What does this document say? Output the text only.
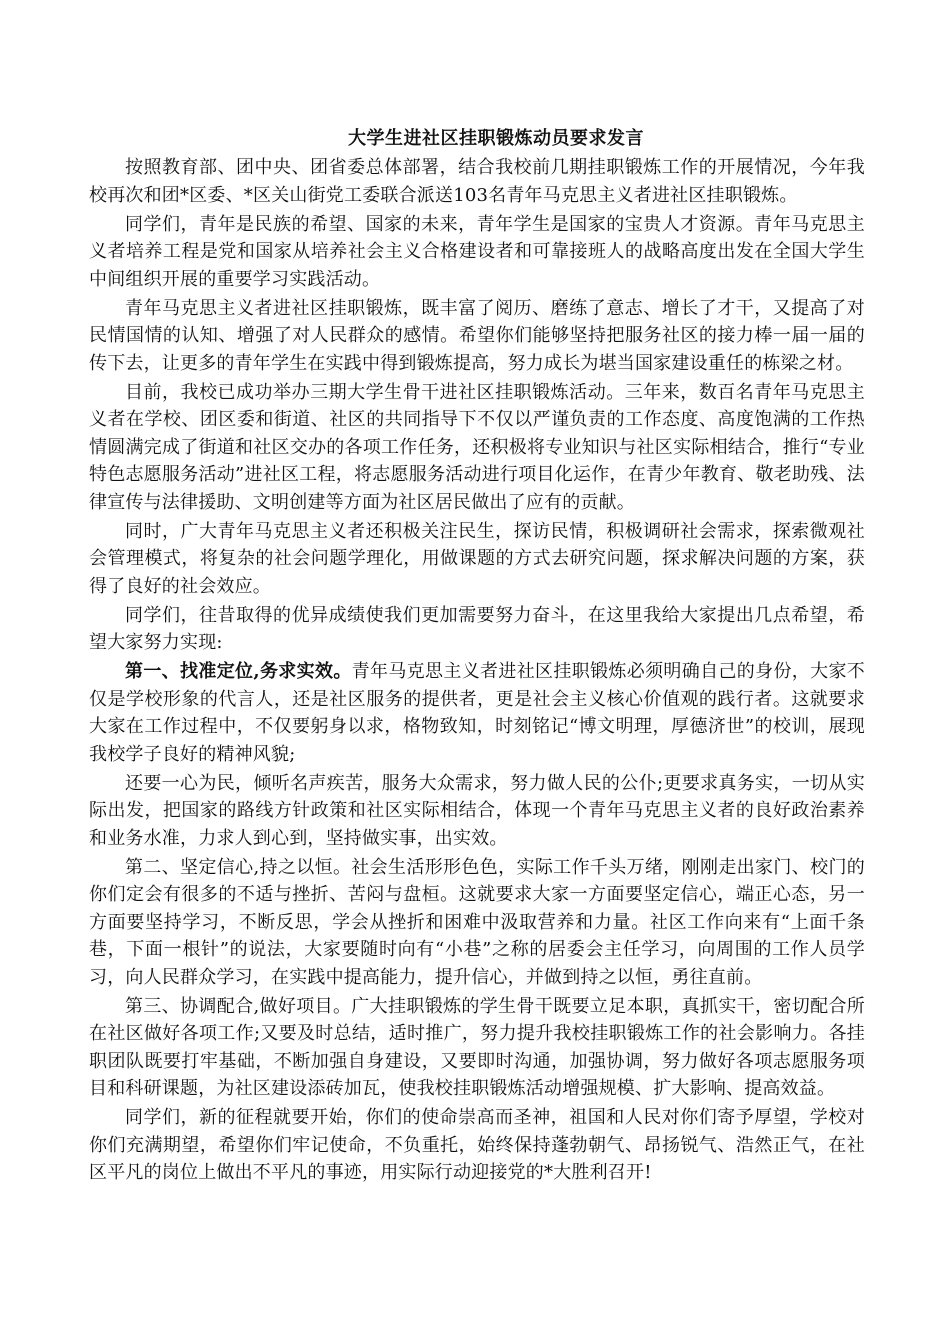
大学生进社区挂职锻炼动员要求发言

按照教育部、团中央、团省委总体部署，结合我校前几期挂职锻炼工作的开展情况，今年我校再次和团*区委、*区关山街党工委联合派送103名青年马克思主义者进社区挂职锻炼。

同学们，青年是民族的希望、国家的未来，青年学生是国家的宝贵人才资源。青年马克思主义者培养工程是党和国家从培养社会主义合格建设者和可靠接班人的战略高度出发在全国大学生中间组织开展的重要学习实践活动。

青年马克思主义者进社区挂职锻炼，既丰富了阅历、磨练了意志、增长了才干，又提高了对民情国情的认知、增强了对人民群众的感情。希望你们能够坚持把服务社区的接力棒一届一届的传下去，让更多的青年学生在实践中得到锻炼提高，努力成长为堪当国家建设重任的栋梁之材。

目前，我校已成功举办三期大学生骨干进社区挂职锻炼活动。三年来，数百名青年马克思主义者在学校、团区委和街道、社区的共同指导下不仅以严谨负责的工作态度、高度饱满的工作热情圆满完成了街道和社区交办的各项工作任务，还积极将专业知识与社区实际相结合，推行“专业特色志愿服务活动”进社区工程，将志愿服务活动进行项目化运作，在青少年教育、敬老助残、法律宣传与法律援助、文明创建等方面为社区居民做出了应有的贡献。

同时，广大青年马克思主义者还积极关注民生，探访民情，积极调研社会需求，探索微观社会管理模式，将复杂的社会问题学理化，用做课题的方式去研究问题，探求解决问题的方案，获得了良好的社会效应。

同学们，往昔取得的优异成绩使我们更加需要努力奋斗，在这里我给大家提出几点希望，希望大家努力实现:

第一、找准定位,务求实效。青年马克思主义者进社区挂职锻炼必须明确自己的身份，大家不仅是学校形象的代言人，还是社区服务的提供者，更是社会主义核心价值观的践行者。这就要求大家在工作过程中，不仅要躬身以求，格物致知，时刻铭记“博文明理，厚德济世”的校训，展现我校学子良好的精神风貌;

还要一心为民，倾听名声疾苦，服务大众需求，努力做人民的公仆;更要求真务实，一切从实际出发，把国家的路线方针政策和社区实际相结合，体现一个青年马克思主义者的良好政治素养和业务水准，力求人到心到，坚持做实事，出实效。

第二、坚定信心,持之以恒。社会生活形形色色，实际工作千头万绪，刚刚走出家门、校门的你们定会有很多的不适与挫折、苦闷与盘桓。这就要求大家一方面要坚定信心，端正心态，另一方面要坚持学习，不断反思，学会从挫折和困难中汲取营养和力量。社区工作向来有“上面千条巷，下面一根针”的说法，大家要随时向有“小巷”之称的居委会主任学习，向周围的工作人员学习，向人民群众学习，在实践中提高能力，提升信心，并做到持之以恒，勇往直前。

第三、协调配合,做好项目。广大挂职锻炼的学生骨干既要立足本职，真抓实干，密切配合所在社区做好各项工作;又要及时总结，适时推广，努力提升我校挂职锻炼工作的社会影响力。各挂职团队既要打牢基础，不断加强自身建设，又要即时沟通，加强协调，努力做好各项志愿服务项目和科研课题，为社区建设添砖加瓦，使我校挂职锻炼活动增强规模、扩大影响、提高效益。

同学们，新的征程就要开始，你们的使命崇高而圣神，祖国和人民对你们寄予厚望，学校对你们充满期望，希望你们牢记使命，不负重托，始终保持蓬勃朝气、昂扬锐气、浩然正气，在社区平凡的岗位上做出不平凡的事迹，用实际行动迎接党的*大胜利召开!
